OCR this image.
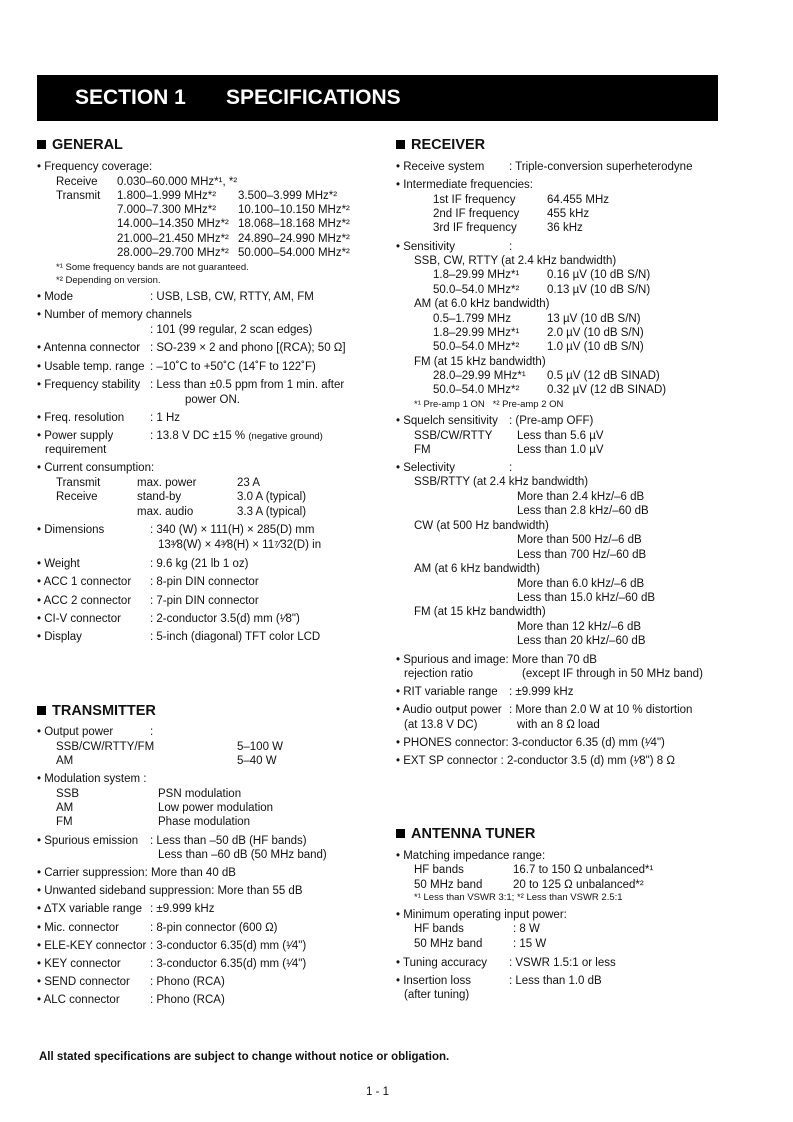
SECTION 1 SPECIFICATIONS
GENERAL
• Frequency coverage:
Receive 0.030–60.000 MHz*¹, *²
Transmit 1.800–1.999 MHz*² 3.500–3.999 MHz*²
7.000–7.300 MHz*² 10.100–10.150 MHz*²
14.000–14.350 MHz*² 18.068–18.168 MHz*²
21.000–21.450 MHz*² 24.890–24.990 MHz*²
28.000–29.700 MHz*² 50.000–54.000 MHz*²
*¹ Some frequency bands are not guaranteed.
*² Depending on version.
• Mode	: USB, LSB, CW, RTTY, AM, FM
• Number of memory channels
: 101 (99 regular, 2 scan edges)
• Antenna connector : SO-239 × 2 and phono [(RCA); 50 Ω]
• Usable temp. range : –10˚C to +50˚C (14˚F to 122˚F)
• Frequency stability : Less than ±0.5 ppm from 1 min. after
power ON.
• Freq. resolution : 1 Hz
• Power supply
requirement
: 13.8 V DC ±15 % (negative ground)
• Current consumption:
Transmit	max. power	23 A
Receive	stand-by	3.0 A (typical)
max. audio	3.3 A (typical)
• Dimensions	: 340 (W) × 111(H) × 285(D) mm
13³⁄8(W) × 4³⁄8(H) × 11⁷⁄32(D) in
• Weight	: 9.6 kg (21 lb 1 oz)
• ACC 1 connector : 8-pin DIN connector
• ACC 2 connector : 7-pin DIN connector
• CI-V connector	: 2-conductor 3.5(d) mm (¹⁄8")
• Display	: 5-inch (diagonal) TFT color LCD
TRANSMITTER
• Output power	:
SSB/CW/RTTY/FM	5–100 W
AM	5–40 W
• Modulation system :
SSB	PSN modulation
AM	Low power modulation
FM	Phase modulation
• Spurious emission : Less than –50 dB (HF bands)
Less than –60 dB (50 MHz band)
• Carrier suppression: More than 40 dB
• Unwanted sideband suppression: More than 55 dB
• ∆TX variable range : ±9.999 kHz
• Mic. connector	: 8-pin connector (600 Ω)
• ELE-KEY connector : 3-conductor 6.35(d) mm (¹⁄4")
• KEY connector	: 3-conductor 6.35(d) mm (¹⁄4")
• SEND connector : Phono (RCA)
• ALC connector	: Phono (RCA)
RECEIVER
• Receive system : Triple-conversion superheterodyne
• Intermediate frequencies:
1st IF frequency	64.455 MHz
2nd IF frequency 455 kHz
3rd IF frequency	36 kHz
• Sensitivity	:
SSB, CW, RTTY (at 2.4 kHz bandwidth)
1.8–29.99 MHz*¹ 0.16 µV (10 dB S/N)
50.0–54.0 MHz*² 0.13 µV (10 dB S/N)
AM (at 6.0 kHz bandwidth)
0.5–1.799 MHz	13 µV (10 dB S/N)
1.8–29.99 MHz*¹ 2.0 µV (10 dB S/N)
50.0–54.0 MHz*² 1.0 µV (10 dB S/N)
FM (at 15 kHz bandwidth)
28.0–29.99 MHz*¹ 0.5 µV (12 dB SINAD)
50.0–54.0 MHz*² 0.32 µV (12 dB SINAD)
*¹ Pre-amp 1 ON   *² Pre-amp 2 ON
• Squelch sensitivity : (Pre-amp OFF)
SSB/CW/RTTY Less than 5.6 µV
FM	Less than 1.0 µV
• Selectivity	:
SSB/RTTY (at 2.4 kHz bandwidth)
More than 2.4 kHz/–6 dB
Less than 2.8 kHz/–60 dB
CW (at 500 Hz bandwidth)
More than 500 Hz/–6 dB
Less than 700 Hz/–60 dB
AM (at 6 kHz bandwidth)
More than 6.0 kHz/–6 dB
Less than 15.0 kHz/–60 dB
FM (at 15 kHz bandwidth)
More than 12 kHz/–6 dB
Less than 20 kHz/–60 dB
• Spurious and image: More than 70 dB
rejection ratio	(except IF through in 50 MHz band)
• RIT variable range : ±9.999 kHz
• Audio output power : More than 2.0 W at 10 % distortion
(at 13.8 V DC)	with an 8 Ω load
• PHONES connector: 3-conductor 6.35 (d) mm (¹⁄4")
• EXT SP connector : 2-conductor 3.5 (d) mm (¹⁄8") 8 Ω
ANTENNA TUNER
• Matching impedance range:
HF bands	16.7 to 150 Ω unbalanced*¹
50 MHz band	20 to 125 Ω unbalanced*²
*¹ Less than VSWR 3:1; *² Less than VSWR 2.5:1
• Minimum operating input power:
HF bands	: 8 W
50 MHz band	: 15 W
• Tuning accuracy : VSWR 1.5:1 or less
• Insertion loss	: Less than 1.0 dB
(after tuning)
All stated specifications are subject to change without notice or obligation.
1 - 1
